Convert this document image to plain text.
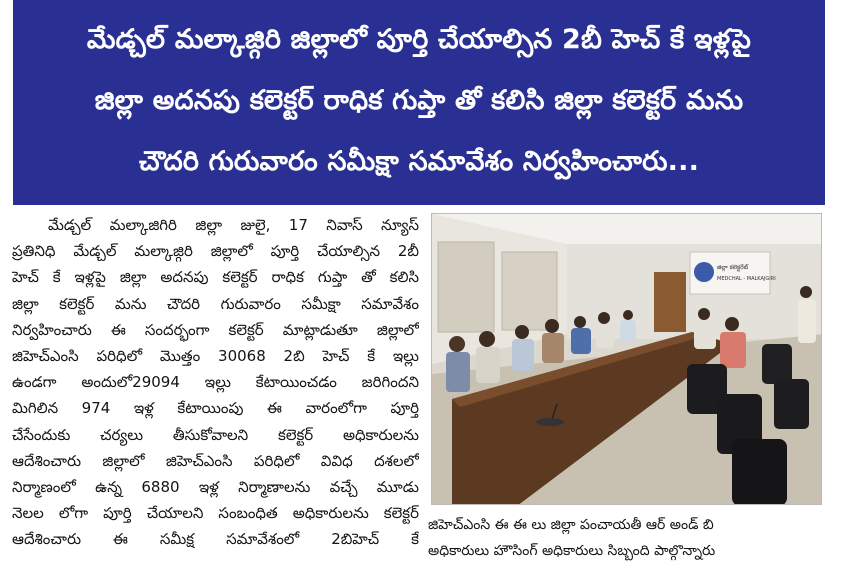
మేడ్చల్ మల్కాజ్గిరి జిల్లాలో పూర్తి చేయాల్సిన 2బీ హెచ్ కే ఇళ్లపై
జిల్లా అదనపు కలెక్టర్ రాధిక గుప్తా తో కలిసి జిల్లా కలెక్టర్ మను
చౌదరి గురువారం సమీక్షా సమావేశం నిర్వహించారు...
మేడ్చల్ మల్కాజిగిరి జిల్లా జులై, 17 నివాస్ న్యూస్
ప్రతినిధి మేడ్చల్ మల్కాజ్గిరి జిల్లాలో పూర్తి చేయాల్సిన 2బీ
హెచ్ కే ఇళ్లపై జిల్లా అదనపు కలెక్టర్ రాధిక గుప్తా తో కలిసి
జిల్లా కలెక్టర్ మను చౌదరి గురువారం సమీక్షా సమావేశం
నిర్వహించారు ఈ సందర్భంగా కలెక్టర్ మాట్లాడుతూ జిల్లాలో
జిహెచ్ఎంసి పరిధిలో మొత్తం 30068 2బి హెచ్ కే ఇల్లు
ఉండగా అందులో29094 ఇల్లు కేటాయించడం జరిగిందని
మిగిలిన 974 ఇళ్ల కేటాయింపు ఈ వారంలోగా పూర్తి
చేసేందుకు చర్యలు తీసుకోవాలని కలెక్టర్ అధికారులను
ఆదేశించారు జిల్లాలో జిహెచ్ఎంసి పరిధిలో వివిధ దశలలో
నిర్మాణంలో ఉన్న 6880 ఇళ్ల నిర్మాణాలను వచ్చే మూడు
నెలల లోగా పూర్తి చేయాలని సంబంధిత అధికారులను కలెక్టర్
ఆదేశించారు ఈ సమీక్ష సమావేశంలో 2బిహెచ్ కే
జిల్లా కలెక్టరేట్
MEDCHAL - MALKAJGIRI
జిహెచ్ఎంసి ఈ ఈ లు జిల్లా పంచాయతీ ఆర్ అండ్ బి
అధికారులు హౌసింగ్ అధికారులు సిబ్బంది పాల్గొన్నారు
